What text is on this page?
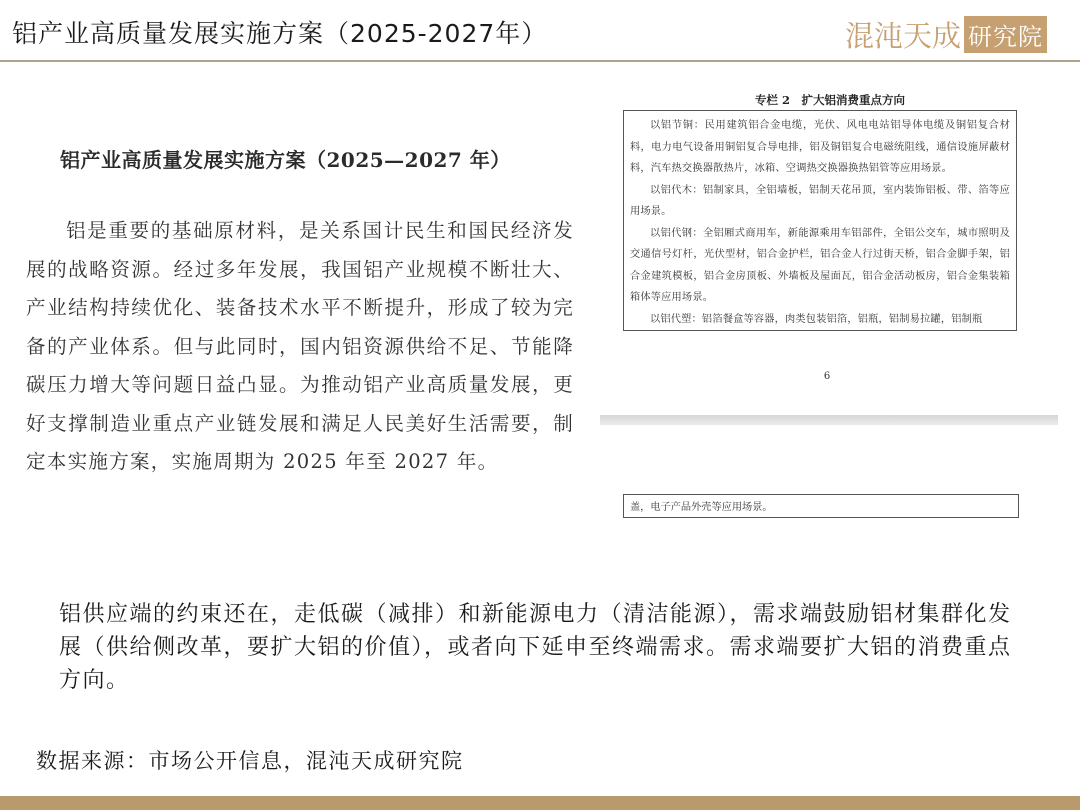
铝产业高质量发展实施方案（2025-2027年）	混沌天成 研究院
铝产业高质量发展实施方案（2025—2027 年）
铝是重要的基础原材料，是关系国计民生和国民经济发展的战略资源。经过多年发展，我国铝产业规模不断壮大、产业结构持续优化、装备技术水平不断提升，形成了较为完备的产业体系。但与此同时，国内铝资源供给不足、节能降碳压力增大等问题日益凸显。为推动铝产业高质量发展，更好支撑制造业重点产业链发展和满足人民美好生活需要，制定本实施方案，实施周期为 2025 年至 2027 年。
专栏 2　扩大铝消费重点方向

以铝节铜：民用建筑铝合金电缆，光伏、风电电站铝导体电缆及铜铝复合材料，电力电气设备用铜铝复合导电排，铝及铜铝复合电磁统阻线，通信设施屏蔽材料，汽车热交换器散热片，冰箱、空调热交换器换热铝管等应用场景。

以铝代木：铝制家具，全铝墙板，铝制天花吊顶，室内装饰铝板、带、箔等应用场景。

以铝代钢：全铝厢式商用车，新能源乘用车铝部件，全铝公交车，城市照明及交通信号灯杆，光伏型材，铝合金护栏，铝合金人行过街天桥，铝合金脚手架，铝合金建筑模板，铝合金房顶板、外墙板及屋面瓦，铝合金活动板房，铝合金集装箱箱体等应用场景。

以铝代塑：铝箔餐盒等容器，肉类包装铝箔，铝瓶，铝制易拉罐，铝制瓶

6
盖，电子产品外壳等应用场景。
铝供应端的约束还在，走低碳（减排）和新能源电力（清洁能源），需求端鼓励铝材集群化发展（供给侧改革，要扩大铝的价值），或者向下延申至终端需求。需求端要扩大铝的消费重点方向。
数据来源：市场公开信息，混沌天成研究院
